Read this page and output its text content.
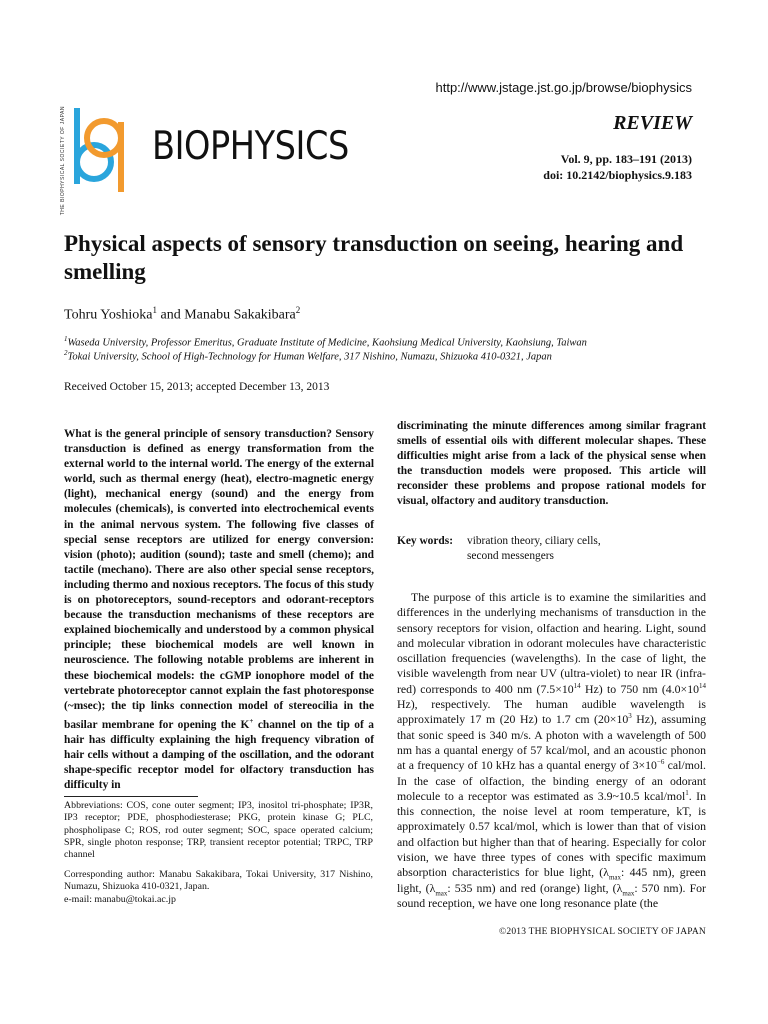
http://www.jstage.jst.go.jp/browse/biophysics
THE BIOPHYSICAL SOCIETY OF JAPAN BIOPHYSICS
REVIEW
Vol. 9, pp. 183–191 (2013)
doi: 10.2142/biophysics.9.183
Physical aspects of sensory transduction on seeing, hearing and smelling
Tohru Yoshioka$^1$ and Manabu Sakakibara$^2$
$^1$Waseda University, Professor Emeritus, Graduate Institute of Medicine, Kaohsiung Medical University, Kaohsiung, Taiwan
$^2$Tokai University, School of High-Technology for Human Welfare, 317 Nishino, Numazu, Shizuoka 410-0321, Japan
Received October 15, 2013; accepted December 13, 2013
What is the general principle of sensory transduction? Sensory transduction is defined as energy transformation from the external world to the internal world. The energy of the external world, such as thermal energy (heat), electro-magnetic energy (light), mechanical energy (sound) and the energy from molecules (chemicals), is converted into electrochemical events in the animal nervous system. The following five classes of special sense receptors are utilized for energy conversion: vision (photo); audition (sound); taste and smell (chemo); and tactile (mechano). There are also other special sense receptors, including thermo and noxious receptors. The focus of this study is on photoreceptors, sound-receptors and odorant-receptors because the transduction mechanisms of these receptors are explained biochemically and understood by a common physical principle; these biochemical models are well known in neuroscience. The following notable problems are inherent in these biochemical models: the cGMP ionophore model of the vertebrate photoreceptor cannot explain the fast photoresponse (~msec); the tip links connection model of stereocilia in the basilar membrane for opening the K+ channel on the tip of a hair has difficulty explaining the high frequency vibration of hair cells without a damping of the oscillation, and the odorant shape-specific receptor model for olfactory transduction has difficulty in
discriminating the minute differences among similar fragrant smells of essential oils with different molecular shapes. These difficulties might arise from a lack of the physical sense when the transduction models were proposed. This article will reconsider these problems and propose rational models for visual, olfactory and auditory transduction.
Key words: vibration theory, ciliary cells,
second messengers
The purpose of this article is to examine the similarities and differences in the underlying mechanisms of transduction in the sensory receptors for vision, olfaction and hearing. Light, sound and molecular vibration in odorant molecules have characteristic oscillation frequencies (wavelengths). In the case of light, the visible wavelength from near UV (ultra-violet) to near IR (infra-red) corresponds to 400 nm ($7.5\times 10^{14}$ Hz) to 750 nm ($4.0\times 10^{14}$ Hz), respectively. The human audible wavelength is approximately 17 m (20 Hz) to 1.7 cm ($20\times 10^3$ Hz), assuming that sonic speed is 340 m/s. A photon with a wavelength of 500 nm has a quantal energy of 57 kcal/mol, and an acoustic phonon at a frequency of 10 kHz has a quantal energy of $3\times 10^{-6}$ cal/mol. In the case of olfaction, the binding energy of an odorant molecule to a receptor was estimated as 3.9~10.5 kcal/mol$^1$. In this connection, the noise level at room temperature, kT, is approximately 0.57 kcal/mol, which is lower than that of vision and olfaction but higher than that of hearing. Especially for color vision, we have three types of cones with specific maximum absorption characteristics for blue light, ($\lambda_{max}$: 445 nm), green light, ($\lambda_{max}$: 535 nm) and red (orange) light, ($\lambda_{max}$: 570 nm). For sound reception, we have one long resonance plate (the
Abbreviations: COS, cone outer segment; IP3, inositol tri-phosphate; IP3R, IP3 receptor; PDE, phosphodiesterase; PKG, protein kinase G; PLC, phospholipase C; ROS, rod outer segment; SOC, space operated calcium; SPR, single photon response; TRP, transient receptor potential; TRPC, TRP channel
Corresponding author: Manabu Sakakibara, Tokai University, 317 Nishino, Numazu, Shizuoka 410-0321, Japan.
e-mail: manabu@tokai.ac.jp
©2013 THE BIOPHYSICAL SOCIETY OF JAPAN
